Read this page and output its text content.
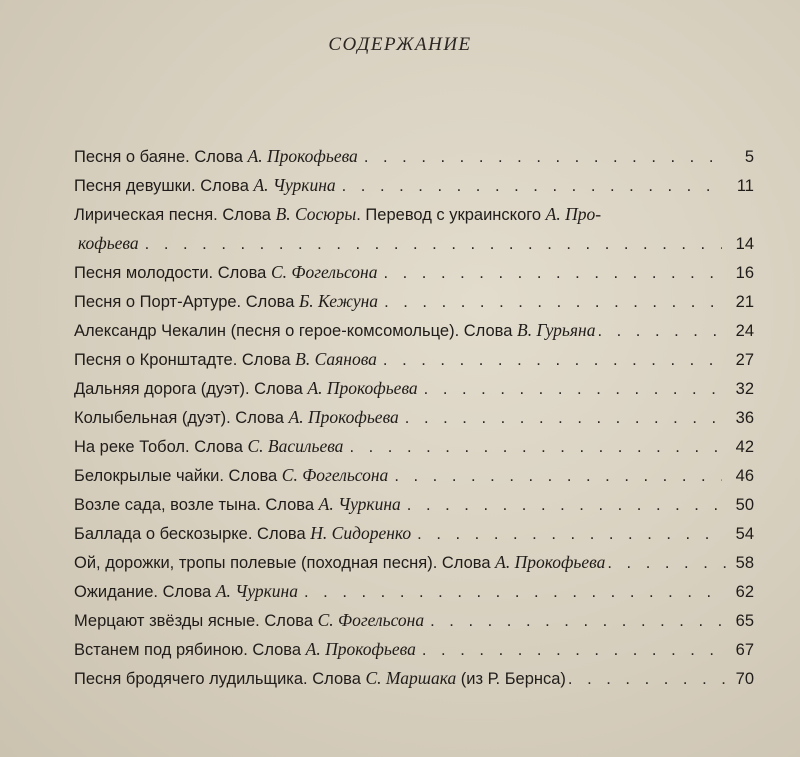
СОДЕРЖАНИЕ
Песня о баяне. Слова А. Прокофьева . . .	5
Песня девушки. Слова А. Чуркина . . .	11
Лирическая песня. Слова В. Сосюры. Перевод с украинского А. Про-
кофьева . . .	14
Песня молодости. Слова С. Фогельсона . . .	16
Песня о Порт-Артуре. Слова Б. Кежуна . . .	21
Александр Чекалин (песня о герое-комсомольце). Слова В. Гурьяна . . .	24
Песня о Кронштадте. Слова В. Саянова . . .	27
Дальняя дорога (дуэт). Слова А. Прокофьева . . .	32
Колыбельная (дуэт). Слова А. Прокофьева . . .	36
На реке Тобол. Слова С. Васильева . . .	42
Белокрылые чайки. Слова С. Фогельсона . . .	46
Возле сада, возле тына. Слова А. Чуркина . . .	50
Баллада о бескозырке. Слова Н. Сидоренко . . .	54
Ой, дорожки, тропы полевые (походная песня). Слова А. Прокофьева . . .	58
Ожидание. Слова А. Чуркина . . .	62
Мерцают звёзды ясные. Слова С. Фогельсона . . .	65
Встанем под рябиною. Слова А. Прокофьева . . .	67
Песня бродячего лудильщика. Слова С. Маршака (из Р. Бернса) . . .	70
